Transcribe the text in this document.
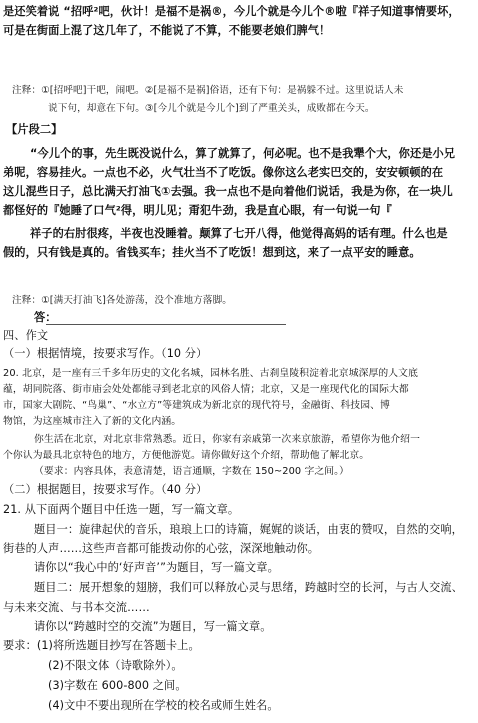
是还笑着说 “招呼²吧，伙计！是福不是祸®，今儿个就是今儿个®啦『祥子知道事情要坏，
可是在街面上混了这几年了，不能说了不算，不能要老娘们脾气！
注释：①[招呼吧]干吧，闹吧。②[是福不是祸]俗语，还有下句：是祸躲不过。这里说话人未
说下句，却意在下句。③[今儿个就是今儿个]到了严重关头，成败都在今天。
【片段二】
“今儿个的事，先生既没说什么，算了就算了，何必呢。也不是我犟个大，你还是小兄
弟呢，容易挂火。一点也不必，火气壮当不了吃饭。像你这么老实巴交的，安安顿顿的在
这儿混些日子，总比满天打油飞①去强。我一点也不是向着他们说话，我是为你，在一块儿
都怪好的『她睡了口气²得，明儿见；甭犯牛劲，我是直心眼，有一句说一句『
祥子的右肘很疼，半夜也没睡着。颠算了七开八得，他觉得高妈的话有理。什么也是
假的，只有钱是真的。省钱买车；挂火当不了吃饭！想到这，来了一点平安的睡意。
注释：①[满天打油飞]各处游荡，没个准地方落脚。
答：
四、作文
（一）根据情境，按要求写作。（10 分）
20. 北京，是一座有三千多年历史的文化名城，园林名胜、古刹皇陵积淀着北京城深厚的人文底
蕴，胡同院落、街市庙会处处都能寻到老北京的风俗人情；北京，又是一座现代化的国际大都
市，国家大剧院、“鸟巢”、“水立方”等建筑成为新北京的现代符号，金融街、科技园、博
物馆，为这座城市注入了新的文化内涵。
你生活在北京，对北京非常熟悉。近日，你家有亲戚第一次来京旅游，希望你为他介绍一
个你认为最具北京特色的地方，方便他游览。请你做好这个介绍，帮助他了解北京。
（要求：内容具体，表意清楚，语言通顺，字数在 150~200 字之间。）
（二）根据题目，按要求写作。（40 分）
21. 从下面两个题目中任选一题，写一篇文章。
题目一：旋律起伏的音乐，琅琅上口的诗篇，娓娓的谈话，由衷的赞叹，自然的交响，
街巷的人声……这些声音都可能拨动你的心弦，深深地触动你。
请你以“我心中的‘好声音’”为题目，写一篇文章。
题目二：展开想象的翅膀，我们可以释放心灵与思绪，跨越时空的长河，与古人交流、
与未来交流、与书本交流……
请你以“跨越时空的交流”为题目，写一篇文章。
要求：(1)将所选题目抄写在答题卡上。
(2)不限文体（诗歌除外）。
(3)字数在 600-800 之间。
(4)文中不要出现所在学校的校名或师生姓名。
